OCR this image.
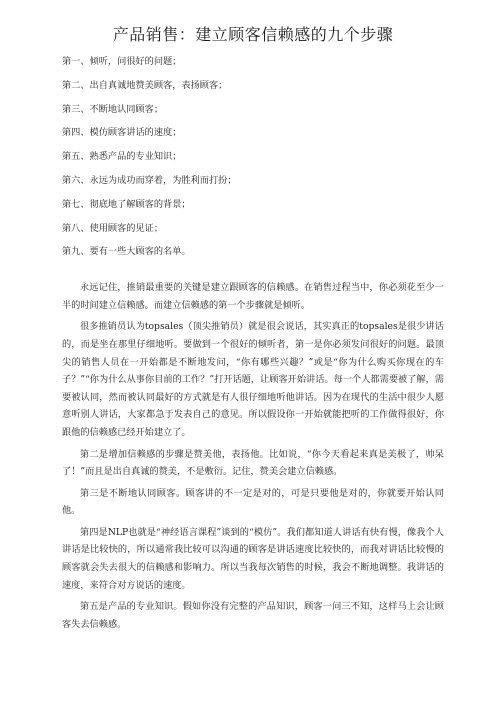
产品销售：建立顾客信赖感的九个步骤
第一、倾听，问很好的问题；
第二、出自真诚地赞美顾客，表扬顾客；
第三、不断地认同顾客；
第四、模仿顾客讲话的速度；
第五、熟悉产品的专业知识；
第六、永远为成功而穿着，为胜利而打扮；
第七、彻底地了解顾客的背景；
第八、使用顾客的见证；
第九、要有一些大顾客的名单。

永远记住，推销最重要的关键是建立跟顾客的信赖感。在销售过程当中，你必须花至少一半的时间建立信赖感。而建立信赖感的第一个步骤就是倾听。

很多推销员认为topsales（顶尖推销员）就是很会说话，其实真正的topsales是很少讲话的，而是坐在那里仔细地听。要做到一个很好的倾听者，第一是你必须发问很好的问题。最顶尖的销售人员在一开始都是不断地发问，“你有哪些兴趣？”或是“你为什么购买你现在的车子？”“你为什么从事你目前的工作？”打开话题，让顾客开始讲话。每一个人都需要被了解，需要被认同，然而被认同最好的方式就是有人很仔细地听他讲话。因为在现代的生活中很少人愿意听别人讲话，大家都急于发表自己的意见。所以假设你一开始就能把听的工作做得很好，你跟他的信赖感已经开始建立了。

第二是增加信赖感的步骤是赞美他，表扬他。比如说，“你今天看起来真是美极了，帅呆了！”而且是出自真诚的赞美，不是敷衍。记住，赞美会建立信赖感。

第三是不断地认同顾客。顾客讲的不一定是对的，可是只要他是对的，你就要开始认同他。

第四是NLP也就是“神经语言课程”谈到的“模仿”。我们都知道人讲话有快有慢，像我个人讲话是比较快的，所以通常我比较可以沟通的顾客是讲话速度比较快的，而我对讲话比较慢的顾客就会失去很大的信赖感和影响力。所以当我每次销售的时候，我会不断地调整。我讲话的速度，来符合对方说话的速度。

第五是产品的专业知识。假如你没有完整的产品知识，顾客一问三不知，这样马上会让顾客失去信赖感。
